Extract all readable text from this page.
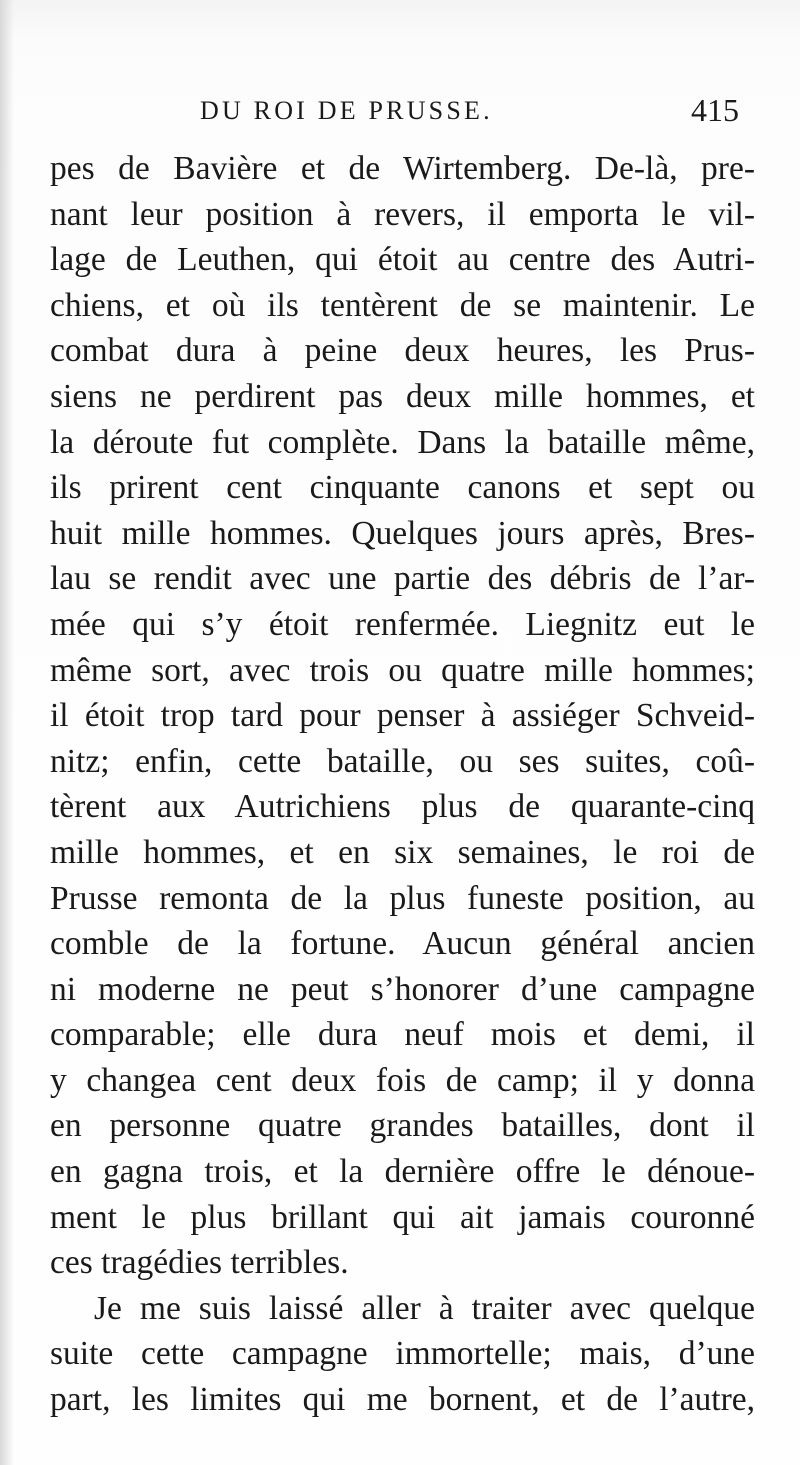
DU ROI DE PRUSSE.	415
pes de Bavière et de Wirtemberg. De-là, pre-
nant leur position à revers, il emporta le vil-
lage de Leuthen, qui étoit au centre des Autri-
chiens, et où ils tentèrent de se maintenir. Le
combat dura à peine deux heures, les Prus-
siens ne perdirent pas deux mille hommes, et
la déroute fut complète. Dans la bataille même,
ils prirent cent cinquante canons et sept ou
huit mille hommes. Quelques jours après, Bres-
lau se rendit avec une partie des débris de l’ar-
mée qui s’y étoit renfermée. Liegnitz eut le
même sort, avec trois ou quatre mille hommes;
il étoit trop tard pour penser à assiéger Schveid-
nitz; enfin, cette bataille, ou ses suites, coû-
tèrent aux Autrichiens plus de quarante-cinq
mille hommes, et en six semaines, le roi de
Prusse remonta de la plus funeste position, au
comble de la fortune. Aucun général ancien
ni moderne ne peut s’honorer d’une campagne
comparable; elle dura neuf mois et demi, il
y changea cent deux fois de camp; il y donna
en personne quatre grandes batailles, dont il
en gagna trois, et la dernière offre le dénoue-
ment le plus brillant qui ait jamais couronné
ces tragédies terribles.
Je me suis laissé aller à traiter avec quelque
suite cette campagne immortelle; mais, d’une
part, les limites qui me bornent, et de l’autre,
